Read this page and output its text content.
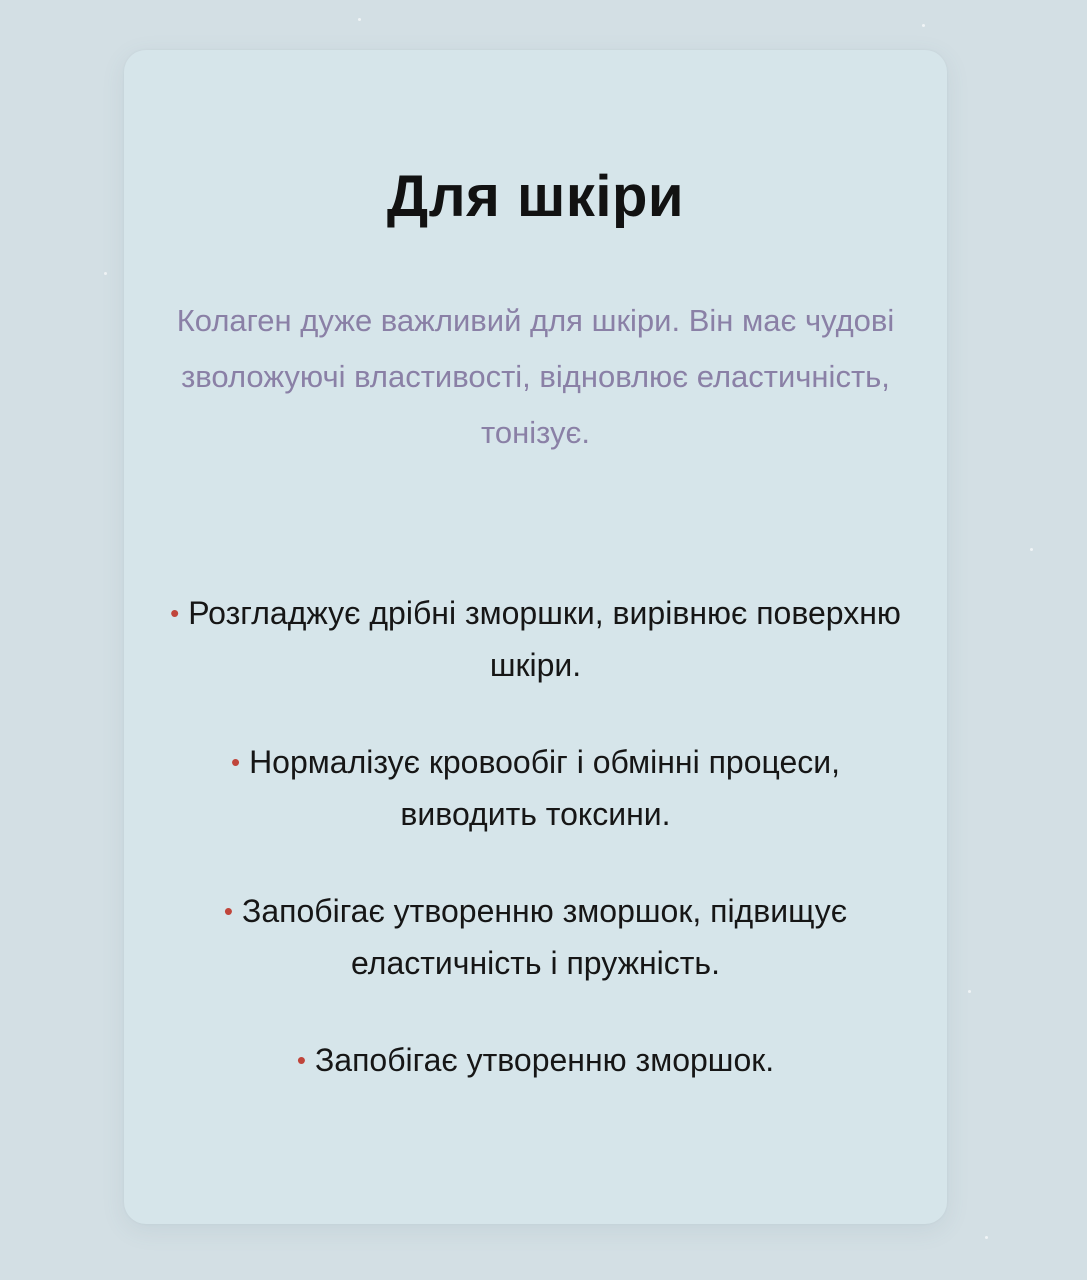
Для шкіри

Колаген дуже важливий для шкіри. Він має чудові зволожуючі властивості, відновлює еластичність, тонізує.

• Розгладжує дрібні зморшки, вирівнює поверхню шкіри.
• Нормалізує кровообіг і обмінні процеси, виводить токсини.
• Запобігає утворенню зморшок, підвищує еластичність і пружність.
• Запобігає утворенню зморшок.
